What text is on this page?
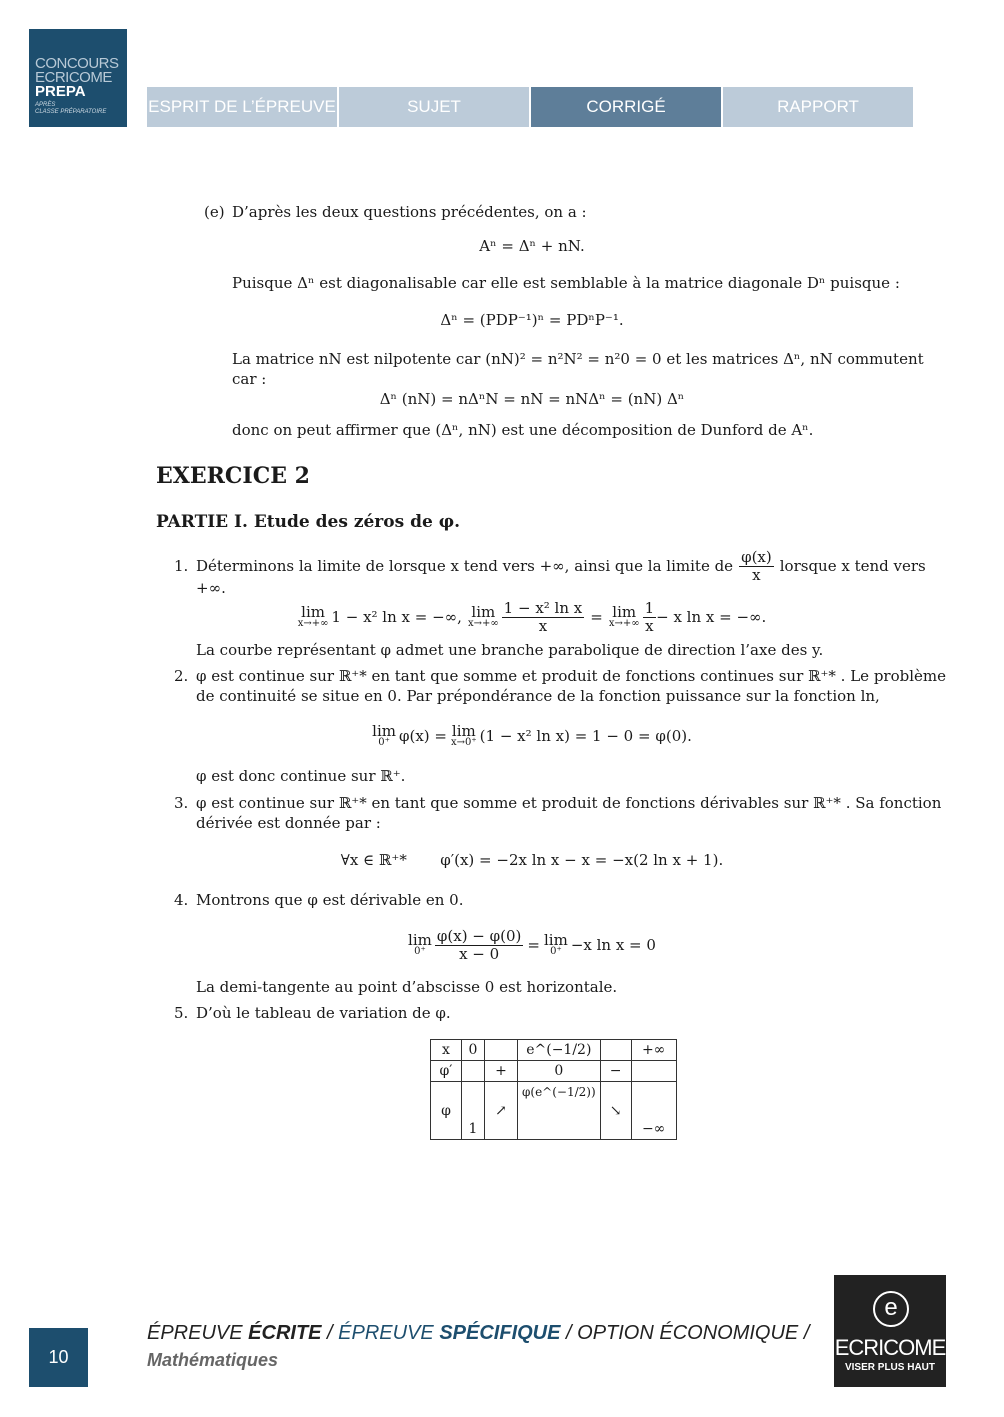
CONCOURS
ECRICOME
PREPA
APRÈS
CLASSE PRÉPARATOIRE ESPRIT DE L’ÉPREUVE	SUJET	CORRIGÉ	RAPPORT
(e) D’après les deux questions précédentes, on a :
Aⁿ = Δⁿ + nN.
Puisque Δⁿ est diagonalisable car elle est semblable à la matrice diagonale Dⁿ puisque :
Δⁿ = (PDP⁻¹)ⁿ = PDⁿP⁻¹.
La matrice nN est nilpotente car (nN)² = n²N² = n²0 = 0 et les matrices Δⁿ, nN commutent
car :
Δⁿ (nN) = nΔⁿN = nN = nNΔⁿ = (nN) Δⁿ
donc on peut affirmer que (Δⁿ, nN) est une décomposition de Dunford de Aⁿ.
EXERCICE 2
PARTIE I. Etude des zéros de φ.
1. Déterminons la limite de lorsque x tend vers +∞, ainsi que la limite de $\frac{\varphi(x)}{x}$ lorsque x tend vers
+∞.
lim
x→+∞ 1 − x² ln x = −∞, lim
$x\to+\infty \frac{\text{1 − x² ln x}}{x} = \lim$
$x\to+\infty \frac{1}{x} - x$ ln x = −∞.
La courbe représentant φ admet une branche parabolique de direction l’axe des y.
2. φ est continue sur ℝ⁺* en tant que somme et produit de fonctions continues sur ℝ⁺* . Le problème
de continuité se situe en 0. Par prépondérance de la fonction puissance sur la fonction ln,
lim
0⁺ φ(x) = lim
x→0⁺ (1 − x² ln x) = 1 − 0 = φ(0).
φ est donc continue sur ℝ⁺.
3. φ est continue sur ℝ⁺* en tant que somme et produit de fonctions dérivables sur ℝ⁺* . Sa fonction
dérivée est donnée par :
∀x ∈ ℝ⁺*       φ′(x) = −2x ln x − x = −x(2 ln x + 1).
4. Montrons que φ est dérivable en 0.
lim
$0^+ \frac{\varphi(x) - \varphi(0)}{x - 0} = \lim$
0⁺ −x ln x = 0
La demi-tangente au point d’abscisse 0 est horizontale.
5. D’où le tableau de variation de φ.
x	0		e^(−1/2)		+∞
φ′		+	0	−	
φ	1	↗	φ(e^(−1/2))	↘	−∞
10
ÉPREUVE ÉCRITE / ÉPREUVE SPÉCIFIQUE / OPTION ÉCONOMIQUE /
Mathématiques
e
ECRICOME
VISER PLUS HAUT
